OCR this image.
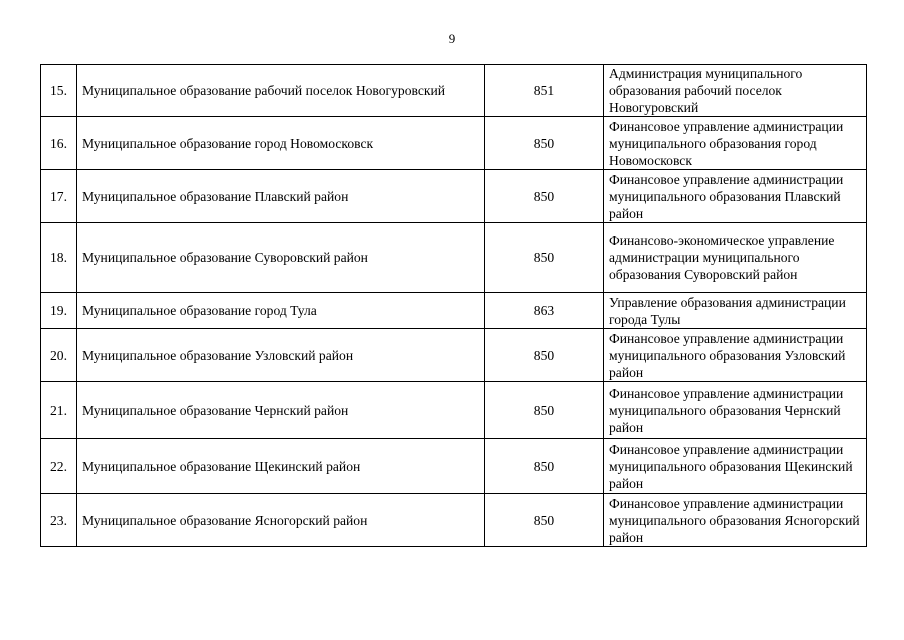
9
15.	Муниципальное образование рабочий поселок Новогуровский	851	Администрация муниципального образования рабочий поселок Новогуровский
16.	Муниципальное образование город Новомосковск	850	Финансовое управление администрации муниципального образования город Новомосковск
17.	Муниципальное образование Плавский район	850	Финансовое управление администрации муниципального образования Плавский район
18.	Муниципальное образование Суворовский район	850	Финансово-экономическое управление администрации муниципального образования Суворовский район
19.	Муниципальное образование город Тула	863	Управление образования администрации города Тулы
20.	Муниципальное образование Узловский район	850	Финансовое управление администрации муниципального образования Узловский район
21.	Муниципальное образование Чернский район	850	Финансовое управление администрации муниципального образования Чернский район
22.	Муниципальное образование Щекинский район	850	Финансовое управление администрации муниципального образования Щекинский район
23.	Муниципальное образование Ясногорский район	850	Финансовое управление администрации муниципального образования Ясногорский район
